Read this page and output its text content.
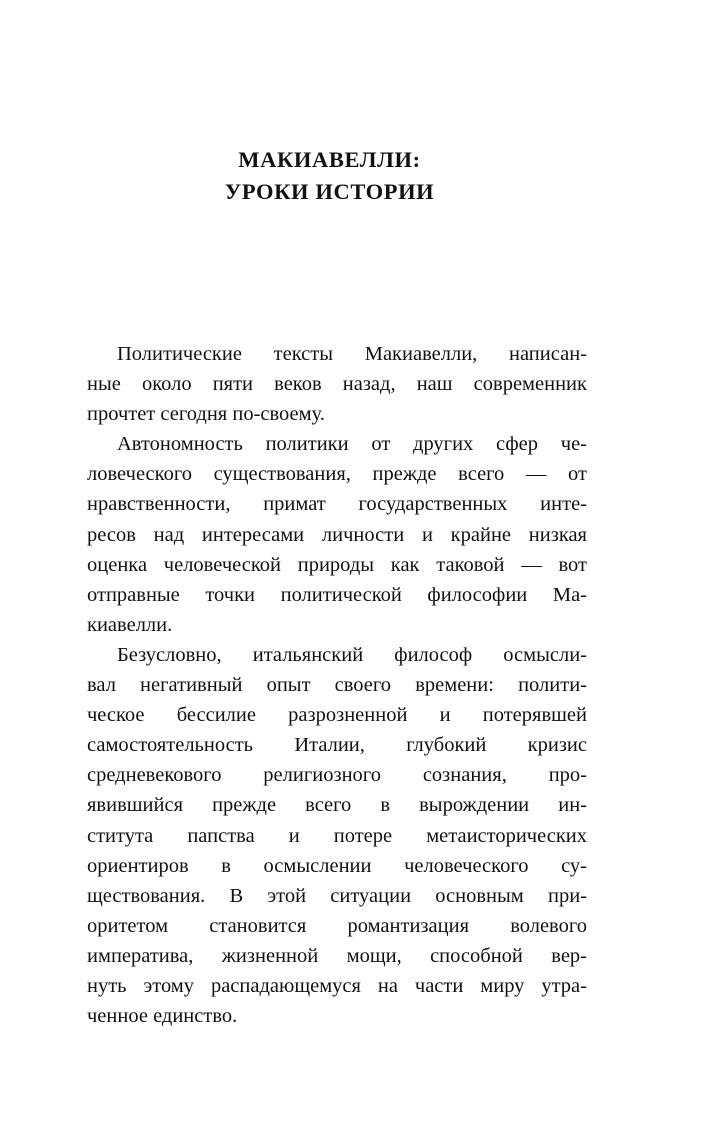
МАКИАВЕЛЛИ:
УРОКИ ИСТОРИИ
Политические тексты Макиавелли, написан-
ные около пяти веков назад, наш современник
прочтет сегодня по-своему.
Автономность политики от других сфер че-
ловеческого существования, прежде всего — от
нравственности, примат государственных инте-
ресов над интересами личности и крайне низкая
оценка человеческой природы как таковой — вот
отправные точки политической философии Ма-
киавелли.
Безусловно, итальянский философ осмысли-
вал негативный опыт своего времени: полити-
ческое бессилие разрозненной и потерявшей
самостоятельность Италии, глубокий кризис
средневекового религиозного сознания, про-
явившийся прежде всего в вырождении ин-
ститута папства и потере метаисторических
ориентиров в осмыслении человеческого су-
ществования. В этой ситуации основным при-
оритетом становится романтизация волевого
императива, жизненной мощи, способной вер-
нуть этому распадающемуся на части миру утра-
ченное единство.
